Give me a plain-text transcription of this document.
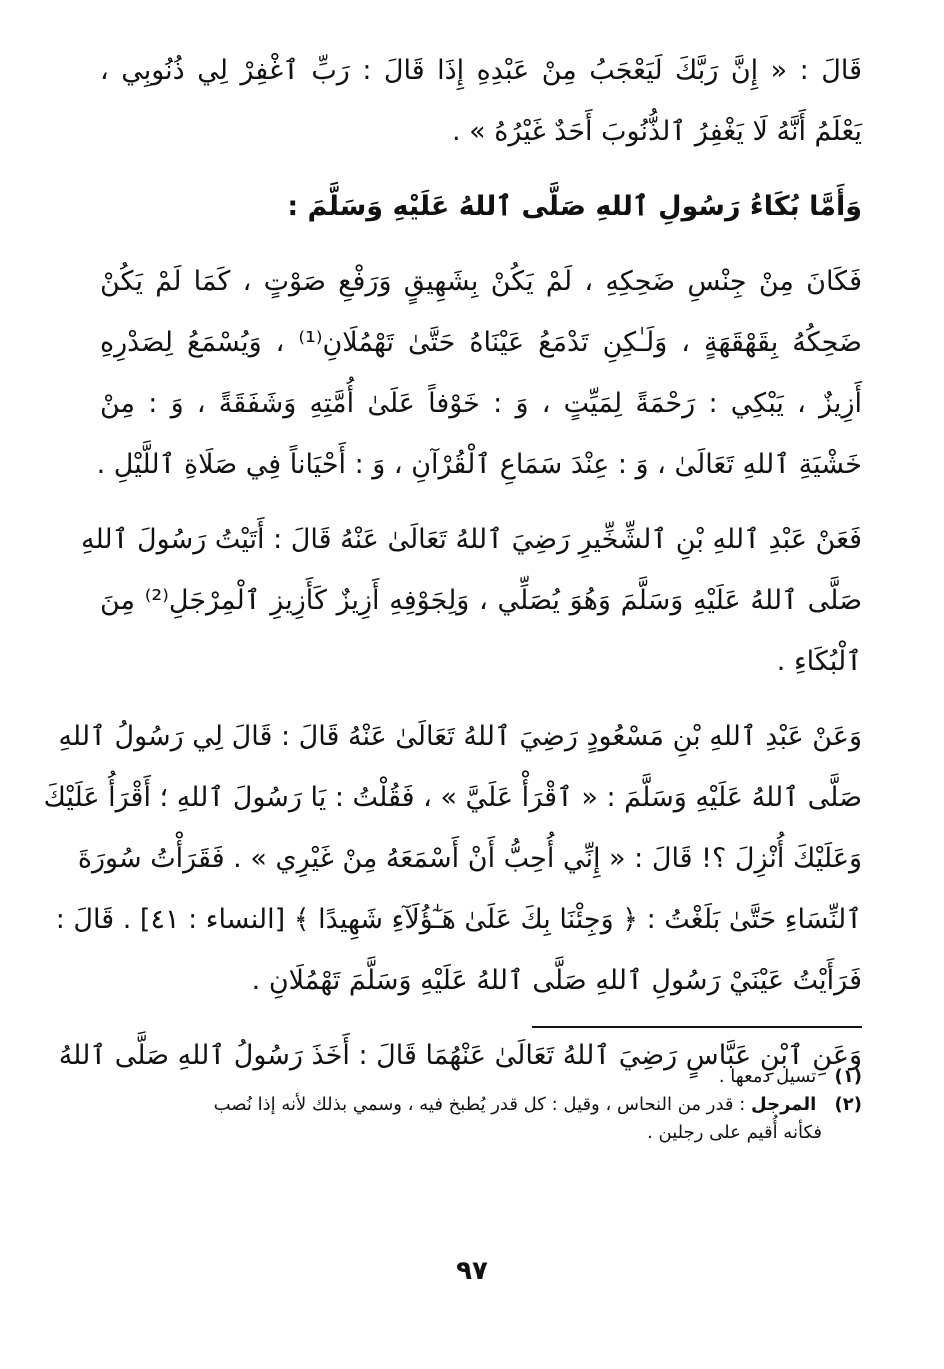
قَالَ : « إِنَّ رَبَّكَ لَيَعْجَبُ مِنْ عَبْدِهِ إِذَا قَالَ : رَبِّ ٱغْفِرْ لِي ذُنُوبِي ،
يَعْلَمُ أَنَّهُ لَا يَغْفِرُ ٱلذُّنُوبَ أَحَدٌ غَيْرُهُ » .
وَأَمَّا بُكَاءُ رَسُولِ ٱللهِ صَلَّى ٱللهُ عَلَيْهِ وَسَلَّمَ :
فَكَانَ مِنْ جِنْسِ ضَحِكِهِ ، لَمْ يَكُنْ بِشَهِيقٍ وَرَفْعِ صَوْتٍ ، كَمَا لَمْ يَكُنْ
ضَحِكُهُ بِقَهْقَهَةٍ ، وَلَـٰكِنِ تَدْمَعُ عَيْنَاهُ حَتَّىٰ تَهْمُلَانِ⁽¹⁾ ، وَيُسْمَعُ لِصَدْرِهِ
أَزِيزٌ ، يَبْكِي : رَحْمَةً لِمَيِّتٍ ، وَ : خَوْفاً عَلَىٰ أُمَّتِهِ وَشَفَقَةً ، وَ : مِنْ
خَشْيَةِ ٱللهِ تَعَالَىٰ ، وَ : عِنْدَ سَمَاعِ ٱلْقُرْآنِ ، وَ : أَحْيَاناً فِي صَلَاةِ ٱللَّيْلِ .
فَعَنْ عَبْدِ ٱللهِ بْنِ ٱلشِّخِّيرِ رَضِيَ ٱللهُ تَعَالَىٰ عَنْهُ قَالَ : أَتَيْتُ رَسُولَ ٱللهِ
صَلَّى ٱللهُ عَلَيْهِ وَسَلَّمَ وَهُوَ يُصَلِّي ، وَلِجَوْفِهِ أَزِيزٌ كَأَزِيزِ ٱلْمِرْجَلِ⁽²⁾ مِنَ
ٱلْبُكَاءِ .
وَعَنْ عَبْدِ ٱللهِ بْنِ مَسْعُودٍ رَضِيَ ٱللهُ تَعَالَىٰ عَنْهُ قَالَ : قَالَ لِي رَسُولُ ٱللهِ
صَلَّى ٱللهُ عَلَيْهِ وَسَلَّمَ : « ٱقْرَأْ عَلَيَّ » ، فَقُلْتُ : يَا رَسُولَ ٱللهِ ؛ أَقْرَأُ عَلَيْكَ
وَعَلَيْكَ أُنْزِلَ ؟! قَالَ : « إِنِّي أُحِبُّ أَنْ أَسْمَعَهُ مِنْ غَيْرِي » . فَقَرَأْتُ سُورَةَ
ٱلنِّسَاءِ حَتَّىٰ بَلَغْتُ : ﴿ وَجِئْنَا بِكَ عَلَىٰ هَـٰٓؤُلَآءِ شَهِيدًا ﴾ [النساء : ٤١] . قَالَ :
فَرَأَيْتُ عَيْنَيْ رَسُولِ ٱللهِ صَلَّى ٱللهُ عَلَيْهِ وَسَلَّمَ تَهْمُلَانِ .
وَعَنِ ٱبْنِ عَبَّاسٍ رَضِيَ ٱللهُ تَعَالَىٰ عَنْهُمَا قَالَ : أَخَذَ رَسُولُ ٱللهِ صَلَّى ٱللهُ
(١) تسيل دمعها .
(٢) المرجل : قدر من النحاس ، وقيل : كل قدر يُطبخ فيه ، وسمي بذلك لأنه إذا نُصب
فكأنه أُقيم على رجلين .
٩٧
